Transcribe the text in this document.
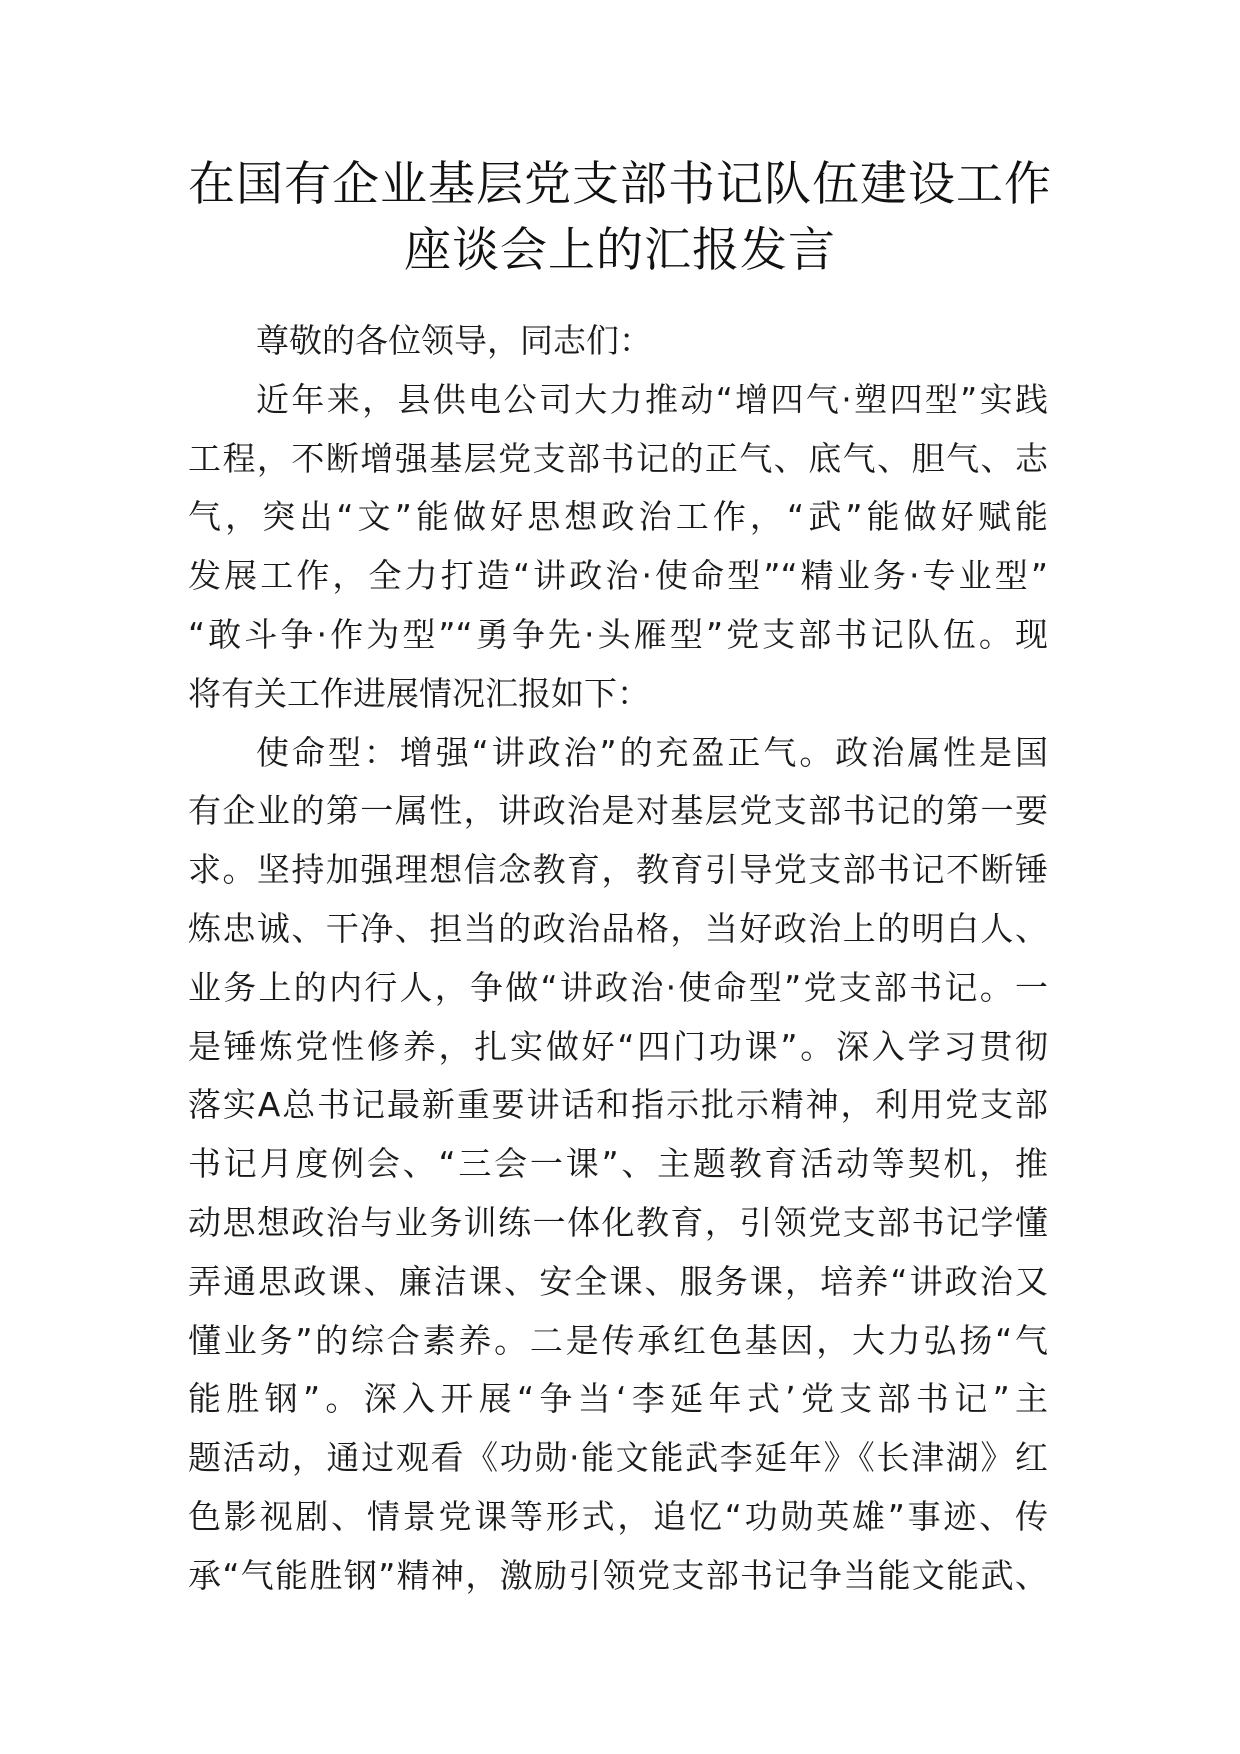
在国有企业基层党支部书记队伍建设工作
座谈会上的汇报发言
尊敬的各位领导，同志们：
近年来，县供电公司大力推动“增四气·塑四型”实践
工程，不断增强基层党支部书记的正气、底气、胆气、志
气，突出“文”能做好思想政治工作，“武”能做好赋能
发展工作，全力打造“讲政治·使命型”“精业务·专业型”
“敢斗争·作为型”“勇争先·头雁型”党支部书记队伍。现
将有关工作进展情况汇报如下：
使命型：增强“讲政治”的充盈正气。政治属性是国
有企业的第一属性，讲政治是对基层党支部书记的第一要
求。坚持加强理想信念教育，教育引导党支部书记不断锤
炼忠诚、干净、担当的政治品格，当好政治上的明白人、
业务上的内行人，争做“讲政治·使命型”党支部书记。一
是锤炼党性修养，扎实做好“四门功课”。深入学习贯彻
落实A总书记最新重要讲话和指示批示精神，利用党支部
书记月度例会、“三会一课”、主题教育活动等契机，推
动思想政治与业务训练一体化教育，引领党支部书记学懂
弄通思政课、廉洁课、安全课、服务课，培养“讲政治又
懂业务”的综合素养。二是传承红色基因，大力弘扬“气
能胜钢”。深入开展“争当‘李延年式’党支部书记”主
题活动，通过观看《功勋·能文能武李延年》《长津湖》红
色影视剧、情景党课等形式，追忆“功勋英雄”事迹、传
承“气能胜钢”精神，激励引领党支部书记争当能文能武、
